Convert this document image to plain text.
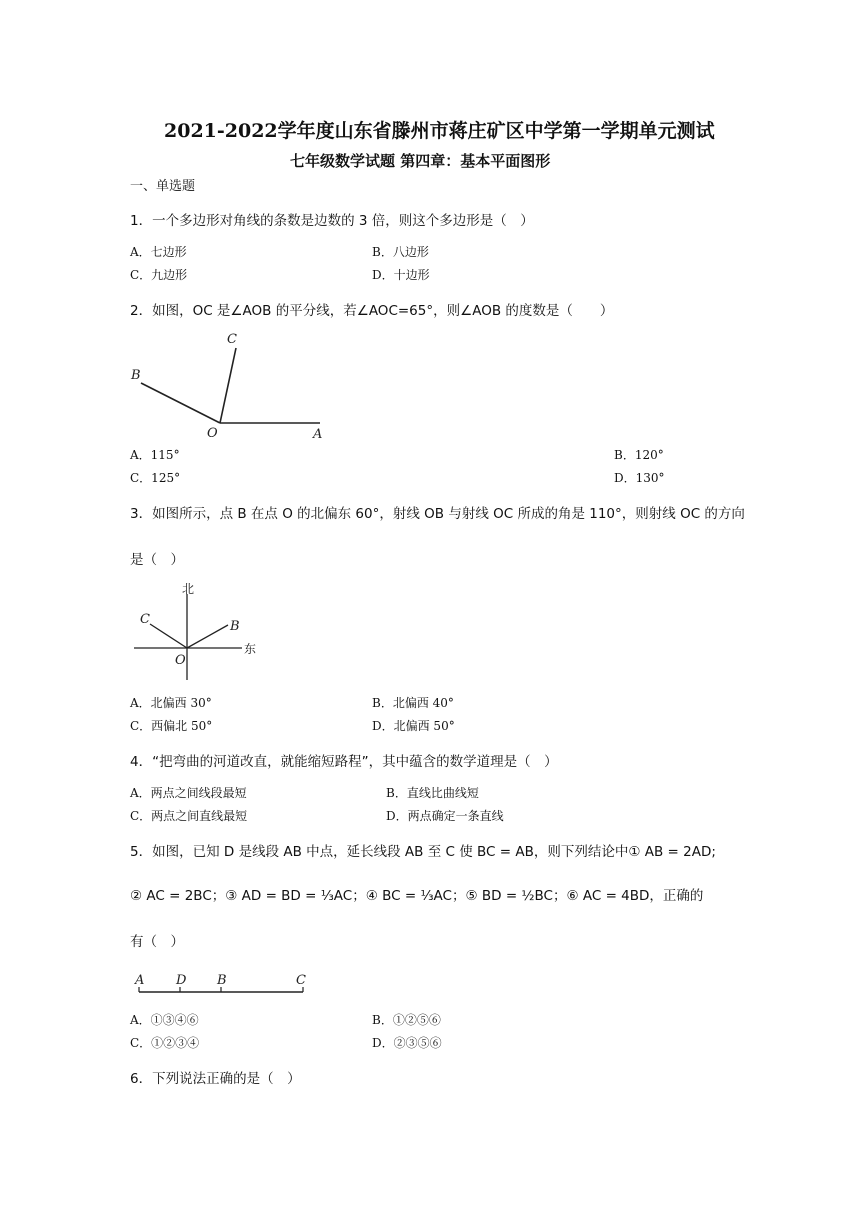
2021-2022学年度山东省滕州市蒋庄矿区中学第一学期单元测试
七年级数学试题 第四章：基本平面图形
一、单选题
1．一个多边形对角线的条数是边数的 3 倍，则这个多边形是（　）
A．七边形	B．八边形
C．九边形	D．十边形
2．如图，OC 是∠AOB 的平分线，若∠AOC=65°，则∠AOB 的度数是（　　）
A
B
C
O
A．115°	B．120°
C．125°	D．130°
3．如图所示，点 B 在点 O 的北偏东 60°，射线 OB 与射线 OC 所成的角是 110°，则射线 OC 的方向
是（　）
北
东
B
C
O
A．北偏西 30°	B．北偏西 40°
C．西偏北 50°	D．北偏西 50°
4．“把弯曲的河道改直，就能缩短路程”，其中蕴含的数学道理是（　）
A．两点之间线段最短	B．直线比曲线短
C．两点之间直线最短	D．两点确定一条直线
5．如图，已知 D 是线段 AB 中点，延长线段 AB 至 C 使 BC = AB，则下列结论中① AB = 2AD;
② AC = 2BC；③ AD = BD = ⅓AC；④ BC = ⅓AC；⑤ BD = ½BC；⑥ AC = 4BD，正确的
有（　）
A D B	C
A．①③④⑥	B．①②⑤⑥
C．①②③④	D．②③⑤⑥
6．下列说法正确的是（　）
